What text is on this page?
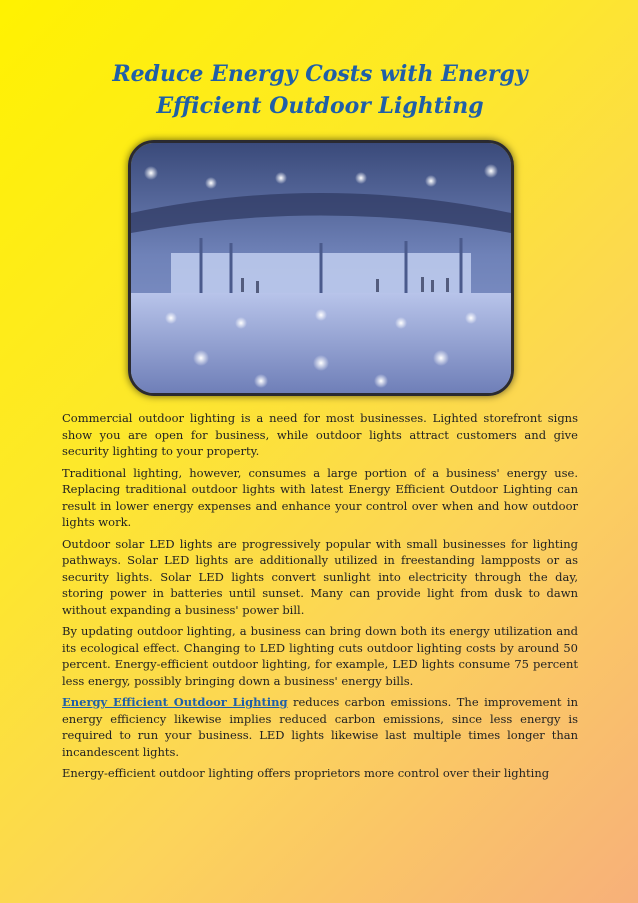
Reduce Energy Costs with Energy
Efficient Outdoor Lighting

Commercial outdoor lighting is a need for most businesses. Lighted storefront signs show you are open for business, while outdoor lights attract customers and give security lighting to your property.

Traditional lighting, however, consumes a large portion of a business' energy use. Replacing traditional outdoor lights with latest Energy Efficient Outdoor Lighting can result in lower energy expenses and enhance your control over when and how outdoor lights work.

Outdoor solar LED lights are progressively popular with small businesses for lighting pathways. Solar LED lights are additionally utilized in freestanding lampposts or as security lights. Solar LED lights convert sunlight into electricity through the day, storing power in batteries until sunset. Many can provide light from dusk to dawn without expanding a business' power bill.

By updating outdoor lighting, a business can bring down both its energy utilization and its ecological effect. Changing to LED lighting cuts outdoor lighting costs by around 50 percent. Energy-efficient outdoor lighting, for example, LED lights consume 75 percent less energy, possibly bringing down a business' energy bills.

Energy Efficient Outdoor Lighting reduces carbon emissions. The improvement in energy efficiency likewise implies reduced carbon emissions, since less energy is required to run your business. LED lights likewise last multiple times longer than incandescent lights.

Energy-efficient outdoor lighting offers proprietors more control over their lighting
